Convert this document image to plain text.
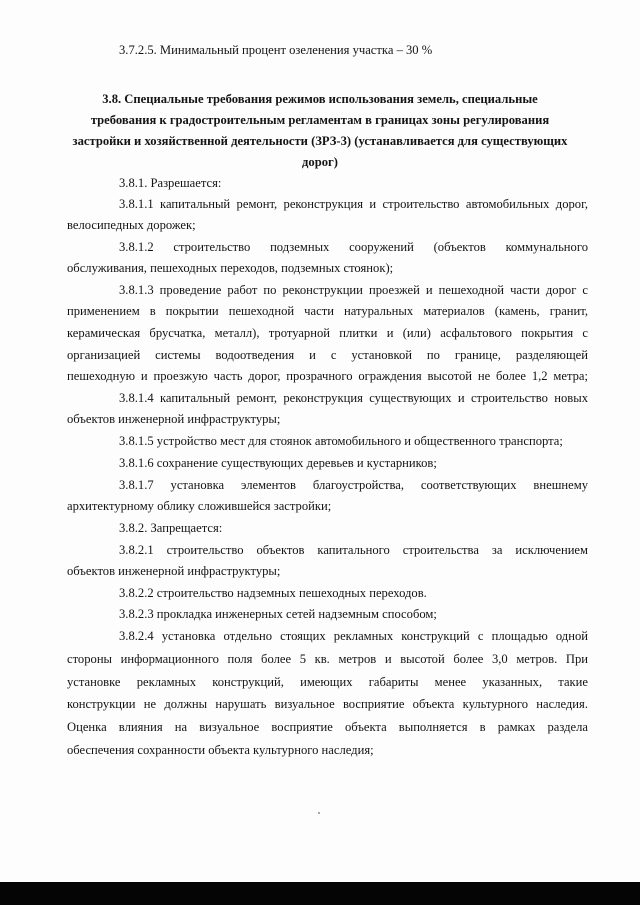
3.7.2.5. Минимальный процент озеленения участка – 30 %
3.8. Специальные требования режимов использования земель, специальные
требования к градостроительным регламентам в границах зоны регулирования
застройки и хозяйственной деятельности (ЗРЗ-3) (устанавливается для существующих
дорог)
3.8.1. Разрешается:
3.8.1.1 капитальный ремонт, реконструкция и строительство автомобильных дорог,
велосипедных дорожек;
3.8.1.2 строительство подземных сооружений (объектов коммунального
обслуживания, пешеходных переходов, подземных стоянок);
3.8.1.3 проведение работ по реконструкции проезжей и пешеходной части дорог с
применением в покрытии пешеходной части натуральных материалов (камень, гранит,
керамическая брусчатка, металл), тротуарной плитки и (или) асфальтового покрытия с
организацией системы водоотведения и с установкой по границе, разделяющей
пешеходную и проезжую часть дорог, прозрачного ограждения высотой не более 1,2 метра;
3.8.1.4 капитальный ремонт, реконструкция существующих и строительство новых
объектов инженерной инфраструктуры;
3.8.1.5 устройство мест для стоянок автомобильного и общественного транспорта;
3.8.1.6 сохранение существующих деревьев и кустарников;
3.8.1.7 установка элементов благоустройства, соответствующих внешнему
архитектурному облику сложившейся застройки;
3.8.2. Запрещается:
3.8.2.1 строительство объектов капитального строительства за исключением
объектов инженерной инфраструктуры;
3.8.2.2 строительство надземных пешеходных переходов.
3.8.2.3 прокладка инженерных сетей надземным способом;
3.8.2.4 установка отдельно стоящих рекламных конструкций с площадью одной
стороны информационного поля более 5 кв. метров и высотой более 3,0 метров. При
установке рекламных конструкций, имеющих габариты менее указанных, такие
конструкции не должны нарушать визуальное восприятие объекта культурного наследия.
Оценка влияния на визуальное восприятие объекта выполняется в рамках раздела
обеспечения сохранности объекта культурного наследия;
